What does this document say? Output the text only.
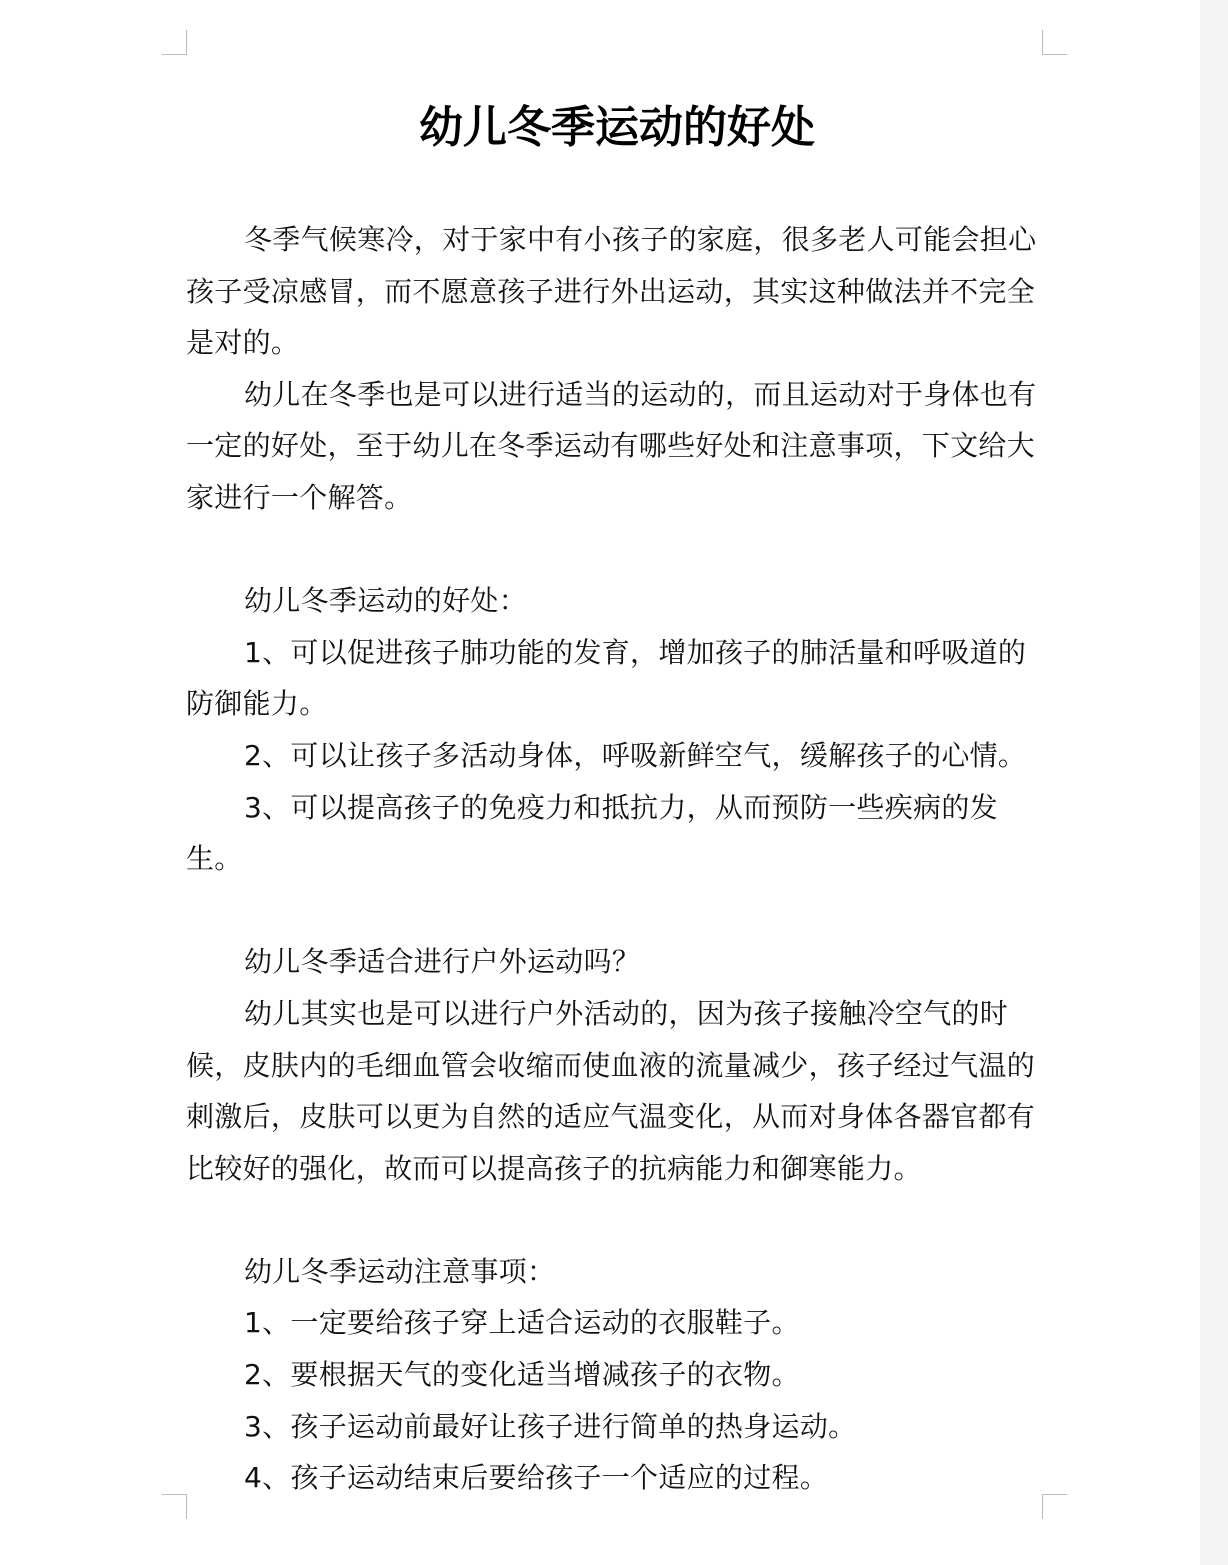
幼儿冬季运动的好处

冬季气候寒冷，对于家中有小孩子的家庭，很多老人可能会担心孩子受凉感冒，而不愿意孩子进行外出运动，其实这种做法并不完全是对的。

幼儿在冬季也是可以进行适当的运动的，而且运动对于身体也有一定的好处，至于幼儿在冬季运动有哪些好处和注意事项，下文给大家进行一个解答。

幼儿冬季运动的好处：

1、可以促进孩子肺功能的发育，增加孩子的肺活量和呼吸道的防御能力。

2、可以让孩子多活动身体，呼吸新鲜空气，缓解孩子的心情。

3、可以提高孩子的免疫力和抵抗力，从而预防一些疾病的发生。

幼儿冬季适合进行户外运动吗？

幼儿其实也是可以进行户外活动的，因为孩子接触冷空气的时候，皮肤内的毛细血管会收缩而使血液的流量减少，孩子经过气温的刺激后，皮肤可以更为自然的适应气温变化，从而对身体各器官都有比较好的强化，故而可以提高孩子的抗病能力和御寒能力。

幼儿冬季运动注意事项：

1、一定要给孩子穿上适合运动的衣服鞋子。

2、要根据天气的变化适当增减孩子的衣物。

3、孩子运动前最好让孩子进行简单的热身运动。

4、孩子运动结束后要给孩子一个适应的过程。
